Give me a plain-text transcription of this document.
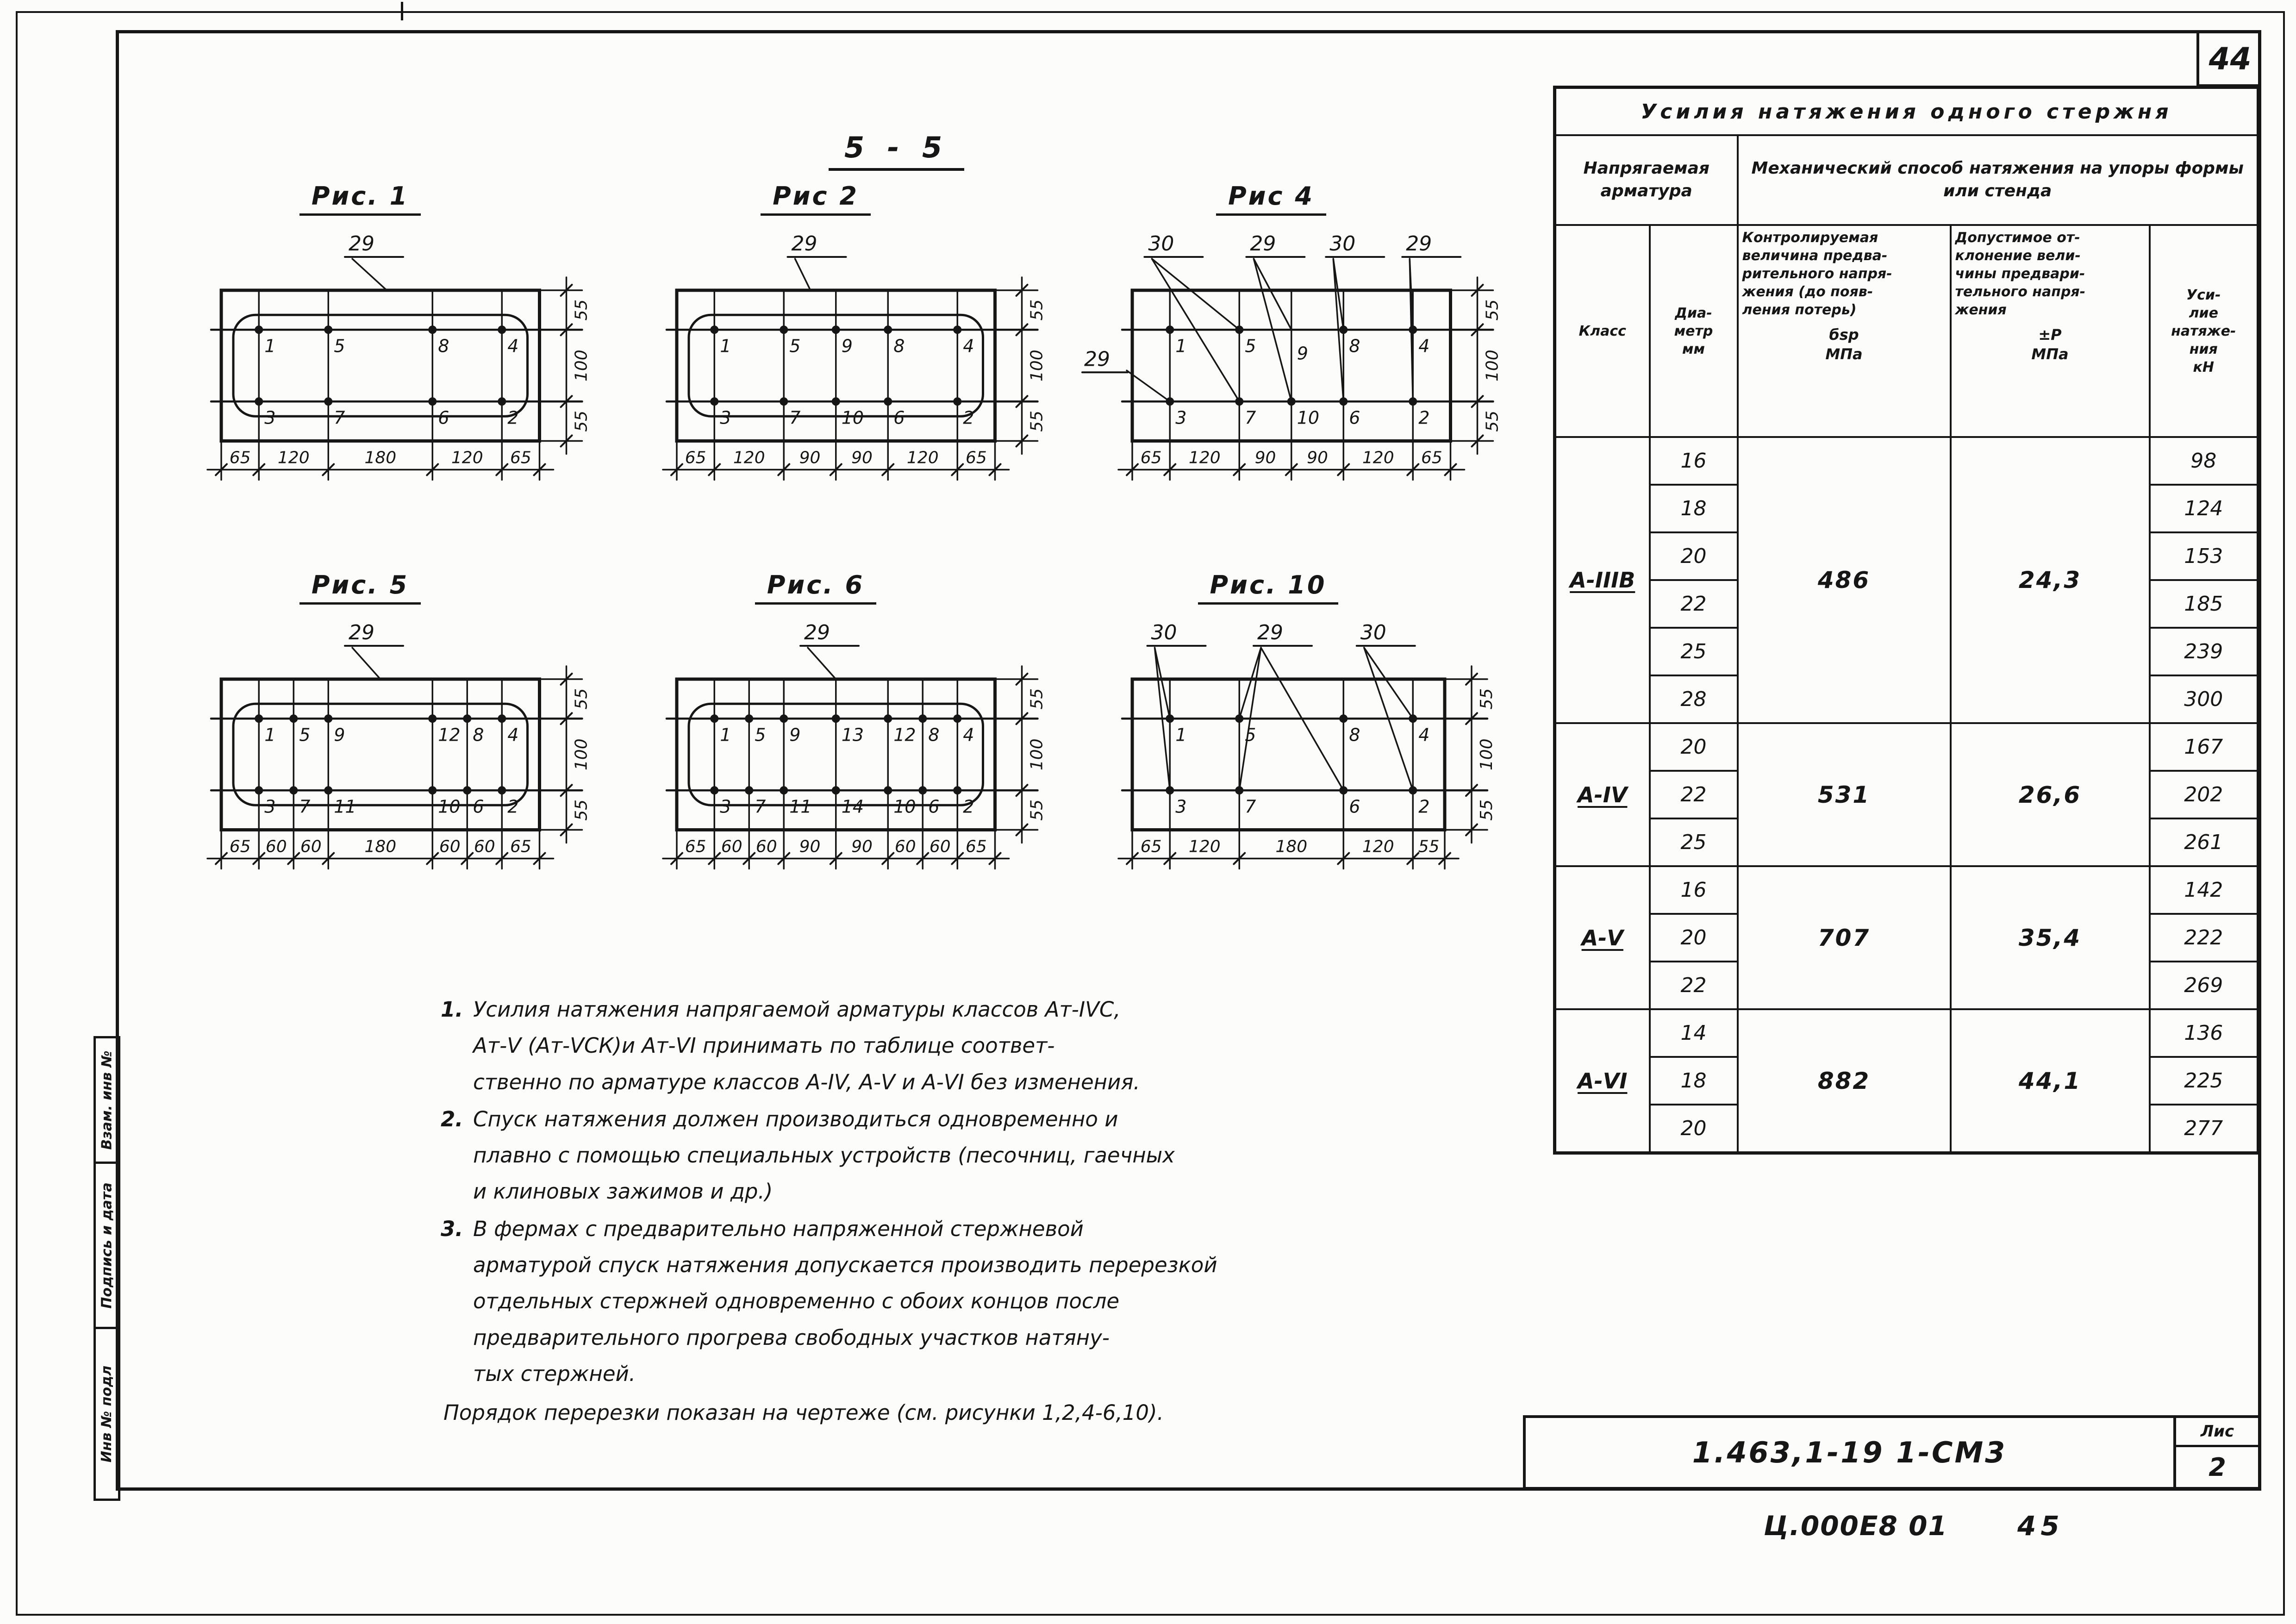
44
5 - 5
Рис. 1
55
100
55
65 120	180	120 65
1	5	8	4
3	7	6	2
29
Рис 2
55
100
55
65 120 90 90 120 65
1	5 9 8	4
3	7 10 6	2
29
Рис 4
55
100
55
65 120 90 90 120 65
1	5	8	4
3	7 10 6	2
9
30	29	30 29
29
Рис. 5
55
100
55
65 60 60	180	60 60 65
1 5 9	12 8 4
3 7 11	10 6 2
29
Рис. 6
55
100
55
65 60 60 90 90 60 60 65
1 5 9 13 12 8 4
3 7 11 14 10 6 2
29
Рис. 10
55
100
55
65 120	180	120 55
1	5	8	4
3	7	6	2
30	29	30
Усилия натяжения одного стержня				
Напрягаемая арматура		Механический способ натяжения на упоры формы или стенда		
Класс	Диа-
метр
мм	Контролируемая
величина предва-
рительного напря-
жения (до появ-
ления потерь)
бsp
МПа
	Допустимое от-
клонение вели-
чины предвари-
тельного напря-
жения
±Р
МПа
	Уси-
лие
натяже-
ния
кН
А-IIIВ	16	486	24,3	98
	18			124
	20			153
	22			185
	25			239
	28			300
А-IV	20	531	26,6	167
	22			202
	25			261
А-V	16	707	35,4	142
	20			222
	22			269
А-VI	14	882	44,1	136
	18			225
	20			277
1. Усилия натяжения напрягаемой арматуры классов Ат-IVС,
Ат-V (Ат-VСК)и Ат-VI принимать по таблице соответ-
ственно по арматуре классов А-IV, А-V и А-VI без изменения.
2. Спуск натяжения должен производиться одновременно и
плавно с помощью специальных устройств (песочниц, гаечных
и клиновых зажимов и др.)
3. В фермах с предварительно напряженной стержневой
арматурой спуск натяжения допускается производить перерезкой
отдельных стержней одновременно с обоих концов после
предварительного прогрева свободных участков натяну-
тых стержней.
Порядок перерезки показан на чертеже (см. рисунки 1,2,4-6,10).
Взам. инв №
Подпись и дата
Инв № подл	1.463,1-19 1-СМ3
Лис
2
Ц.000Е8 01	45
